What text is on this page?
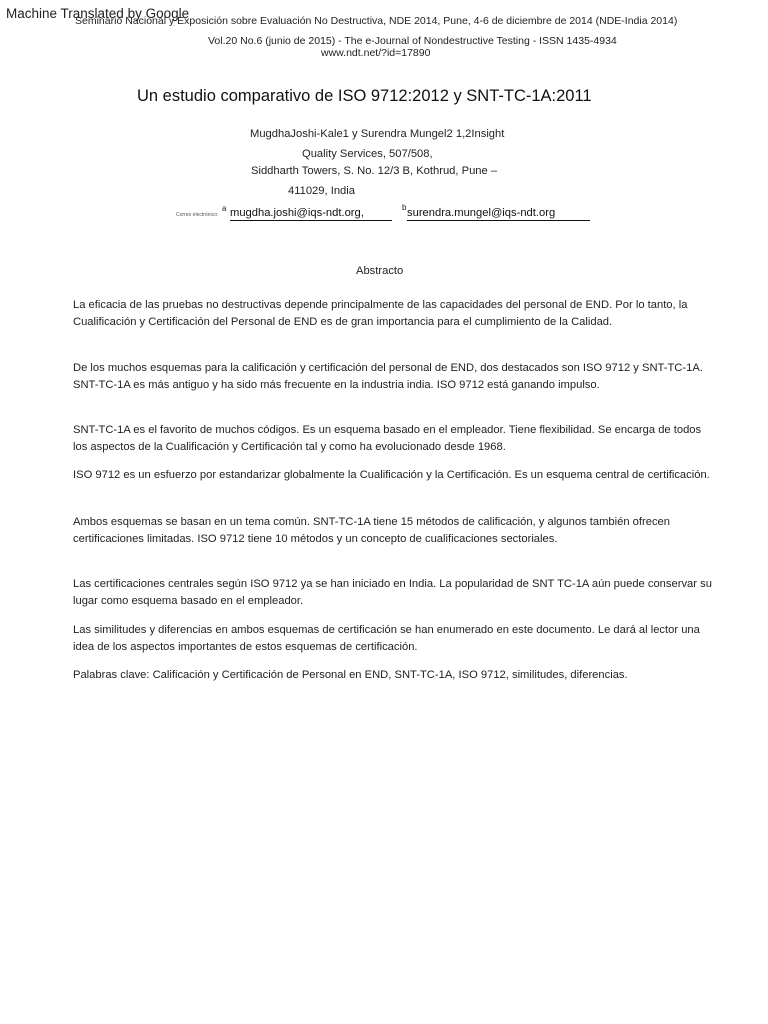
Machine Translated by Google
Seminario Nacional y Exposición sobre Evaluación No Destructiva, NDE 2014, Pune, 4-6 de diciembre de 2014 (NDE-India 2014)
Vol.20 No.6 (junio de 2015) - The e-Journal of Nondestructive Testing - ISSN 1435-4934
www.ndt.net/?id=17890
Un estudio comparativo de ISO 9712:2012 y SNT-TC-1A:2011
MugdhaJoshi-Kale1 y Surendra Mungel2 1,2Insight
Quality Services, 507/508,
Siddharth Towers, S. No. 12/3 B, Kothrud, Pune –
411029, India
Correo electrónico:
a mugdha.joshi@iqs-ndt.org,	b surendra.mungel@iqs-ndt.org
Abstracto
La eficacia de las pruebas no destructivas depende principalmente de las capacidades del personal de END. Por lo tanto, la Cualificación y Certificación del Personal de END es de gran importancia para el cumplimiento de la Calidad.
De los muchos esquemas para la calificación y certificación del personal de END, dos destacados son ISO 9712 y SNT-TC-1A. SNT-TC-1A es más antiguo y ha sido más frecuente en la industria india. ISO 9712 está ganando impulso.
SNT-TC-1A es el favorito de muchos códigos. Es un esquema basado en el empleador. Tiene flexibilidad. Se encarga de todos los aspectos de la Cualificación y Certificación tal y como ha evolucionado desde 1968.
ISO 9712 es un esfuerzo por estandarizar globalmente la Cualificación y la Certificación. Es un esquema central de certificación.
Ambos esquemas se basan en un tema común. SNT-TC-1A tiene 15 métodos de calificación, y algunos también ofrecen certificaciones limitadas. ISO 9712 tiene 10 métodos y un concepto de cualificaciones sectoriales.
Las certificaciones centrales según ISO 9712 ya se han iniciado en India. La popularidad de SNT TC-1A aún puede conservar su lugar como esquema basado en el empleador.
Las similitudes y diferencias en ambos esquemas de certificación se han enumerado en este documento. Le dará al lector una idea de los aspectos importantes de estos esquemas de certificación.
Palabras clave: Calificación y Certificación de Personal en END, SNT-TC-1A, ISO 9712, similitudes, diferencias.
